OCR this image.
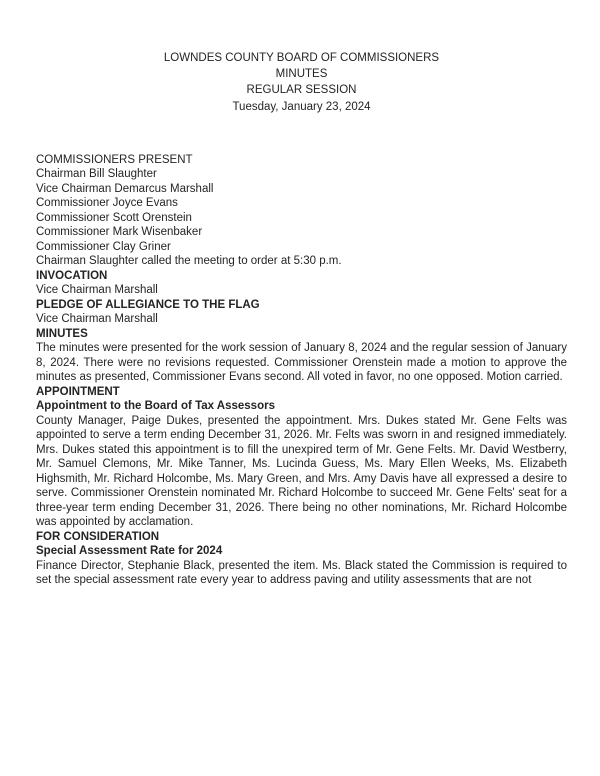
LOWNDES COUNTY BOARD OF COMMISSIONERS

MINUTES

REGULAR SESSION

Tuesday, January 23, 2024

COMMISSIONERS PRESENT

Chairman Bill Slaughter

Vice Chairman Demarcus Marshall

Commissioner Joyce Evans

Commissioner Scott Orenstein

Commissioner Mark Wisenbaker

Commissioner Clay Griner

Chairman Slaughter called the meeting to order at 5:30 p.m.

INVOCATION

Vice Chairman Marshall

PLEDGE OF ALLEGIANCE TO THE FLAG

Vice Chairman Marshall

MINUTES

The minutes were presented for the work session of January 8, 2024 and the regular session of January 8, 2024. There were no revisions requested. Commissioner Orenstein made a motion to approve the minutes as presented, Commissioner Evans second. All voted in favor, no one opposed. Motion carried.

APPOINTMENT

Appointment to the Board of Tax Assessors

County Manager, Paige Dukes, presented the appointment. Mrs. Dukes stated Mr. Gene Felts was appointed to serve a term ending December 31, 2026. Mr. Felts was sworn in and resigned immediately. Mrs. Dukes stated this appointment is to fill the unexpired term of Mr. Gene Felts. Mr. David Westberry, Mr. Samuel Clemons, Mr. Mike Tanner, Ms. Lucinda Guess, Ms. Mary Ellen Weeks, Ms. Elizabeth Highsmith, Mr. Richard Holcombe, Ms. Mary Green, and Mrs. Amy Davis have all expressed a desire to serve. Commissioner Orenstein nominated Mr. Richard Holcombe to succeed Mr. Gene Felts' seat for a three-year term ending December 31, 2026. There being no other nominations, Mr. Richard Holcombe was appointed by acclamation.

FOR CONSIDERATION

Special Assessment Rate for 2024

Finance Director, Stephanie Black, presented the item. Ms. Black stated the Commission is required to set the special assessment rate every year to address paving and utility assessments that are not
